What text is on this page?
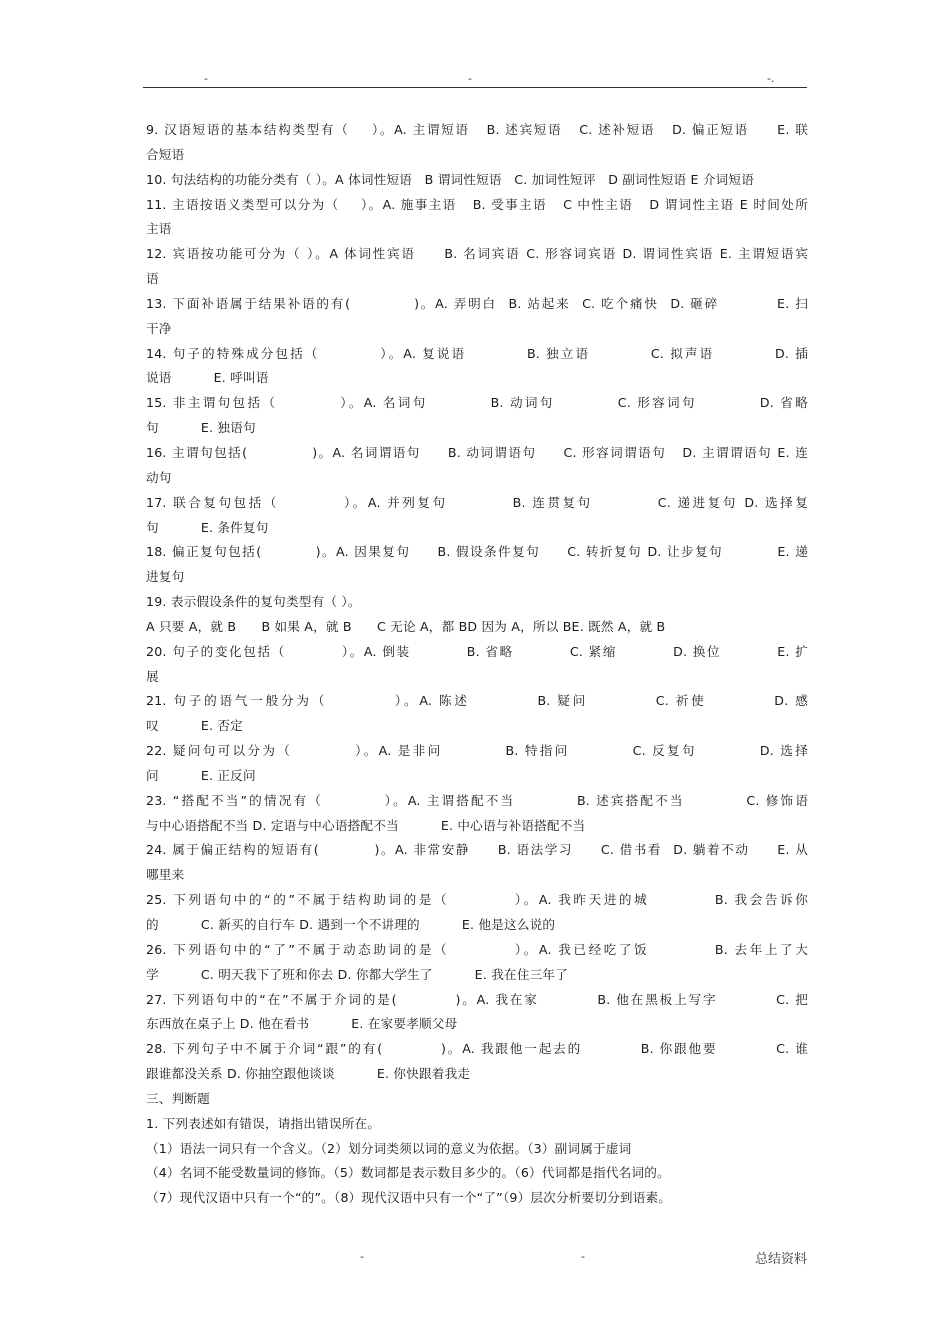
-	-	-.
9. 汉语短语的基本结构类型有（    ）。A. 主谓短语   B. 述宾短语   C. 述补短语   D. 偏正短语     E. 联
合短语
10. 句法结构的功能分类有（ ）。A 体词性短语   B 谓词性短语   C. 加词性短评   D 副词性短语 E 介词短语
11. 主语按语义类型可以分为（    ）。A. 施事主语   B. 受事主语   C 中性主语   D 谓词性主语 E 时间处所
主语
12. 宾语按功能可分为（ ）。A 体词性宾语     B. 名词宾语 C. 形容词宾语 D. 谓词性宾语 E. 主谓短语宾
语
13. 下面补语属于结果补语的有(           )。A. 弄明白  B. 站起来  C. 吃个痛快  D. 砸碎          E. 扫
干净
14. 句子的特殊成分包括（          ）。A. 复说语          B. 独立语          C. 拟声语          D. 插
说语          E. 呼叫语
15. 非主谓句包括（          ）。A. 名词句          B. 动词句          C. 形容词句          D. 省略
句          E. 独语句
16. 主谓句包括(            )。A. 名词谓语句     B. 动词谓语句     C. 形容词谓语句   D. 主谓谓语句 E. 连
动句
17. 联合复句包括（          ）。A. 并列复句          B. 连贯复句          C. 递进复句 D. 选择复
句          E. 条件复句
18. 偏正复句包括(          )。A. 因果复句     B. 假设条件复句     C. 转折复句 D. 让步复句          E. 递
进复句
19. 表示假设条件的复句类型有（ ）。
A 只要 A，就 B      B 如果 A，就 B      C 无论 A，都 BD 因为 A，所以 BE. 既然 A，就 B
20. 句子的变化包括（          ）。A. 倒装          B. 省略          C. 紧缩          D. 换位          E. 扩
展
21. 句子的语气一般分为（          ）。A. 陈述          B. 疑问          C. 祈使          D. 感
叹          E. 否定
22. 疑问句可以分为（          ）。A. 是非问          B. 特指问          C. 反复句          D. 选择
问          E. 正反问
23. “搭配不当”的情况有（          ）。A. 主谓搭配不当          B. 述宾搭配不当          C. 修饰语
与中心语搭配不当 D. 定语与中心语搭配不当          E. 中心语与补语搭配不当
24. 属于偏正结构的短语有(          )。A. 非常安静     B. 语法学习     C. 借书看  D. 躺着不动     E. 从
哪里来
25. 下列语句中的“的”不属于结构助词的是（          ）。A. 我昨天进的城          B. 我会告诉你
的          C. 新买的自行车 D. 遇到一个不讲理的          E. 他是这么说的
26. 下列语句中的“了”不属于动态助词的是（          ）。A. 我已经吃了饭          B. 去年上了大
学          C. 明天我下了班和你去 D. 你都大学生了          E. 我在住三年了
27. 下列语句中的“在”不属于介词的是(          )。A. 我在家          B. 他在黑板上写字          C. 把
东西放在桌子上 D. 他在看书          E. 在家要孝顺父母
28. 下列句子中不属于介词“跟”的有(          )。A. 我跟他一起去的          B. 你跟他要          C. 谁
跟谁都没关系 D. 你抽空跟他谈谈          E. 你快跟着我走
三、判断题
1. 下列表述如有错误，请指出错误所在。
（1）语法一词只有一个含义。（2）划分词类须以词的意义为依据。（3）副词属于虚词
（4）名词不能受数量词的修饰。（5）数词都是表示数目多少的。（6）代词都是指代名词的。
（7）现代汉语中只有一个“的”。（8）现代汉语中只有一个“了”（9）层次分析要切分到语素。
-	-	总结资料
